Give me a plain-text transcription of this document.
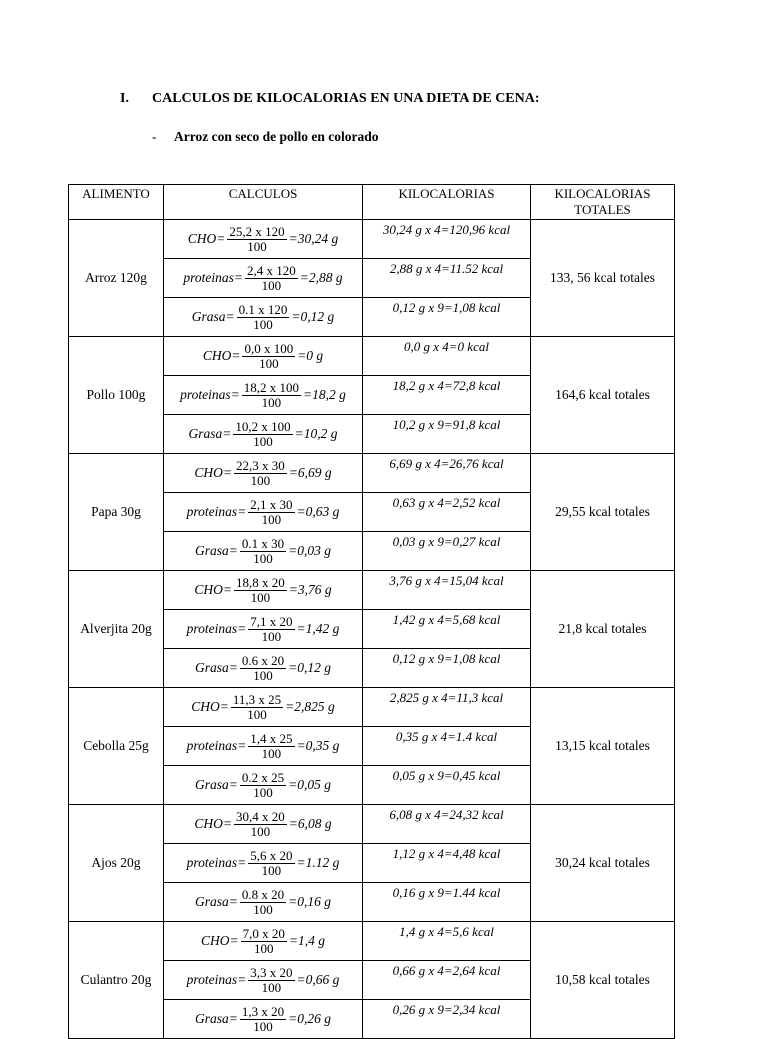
I. CALCULOS DE KILOCALORIAS EN UNA DIETA DE CENA:
- Arroz con seco de pollo en colorado
ALIMENTO	CALCULOS	KILOCALORIAS	KILOCALORIAS TOTALES
Arroz 120g	$CHO= \frac{25,2 x 120}{100} =30,24$ g	30,24 g x 4=120,96 kcal	133, 56 kcal totales

	proteinas= $\frac{2,4 x 120}{100} =2,88$ g	2,88 g x 4=11.52 kcal	

	Grasa= $\frac{0.1 x 120}{100} =0,12$ g	0,12 g x 9=1,08 kcal	
Pollo 100g	$CHO= \frac{0,0 x 100}{100} =0$ g	0,0 g x 4=0 kcal	164,6 kcal totales

	proteinas= $\frac{18,2 x 100}{100} =18,2$ g	18,2 g x 4=72,8 kcal	

	Grasa= $\frac{10,2 x 100}{100} =10,2$ g	10,2 g x 9=91,8 kcal	
Papa 30g	$CHO= \frac{22,3 x 30}{100} =6,69$ g	6,69 g x 4=26,76 kcal	29,55 kcal totales

	proteinas= $\frac{2,1 x 30}{100} =0,63$ g	0,63 g x 4=2,52 kcal	

	Grasa= $\frac{0.1 x 30}{100} =0,03$ g	0,03 g x 9=0,27 kcal	
Alverjita 20g	$CHO= \frac{18,8 x 20}{100} =3,76$ g	3,76 g x 4=15,04 kcal	21,8 kcal totales

	proteinas= $\frac{7,1 x 20}{100} =1,42$ g	1,42 g x 4=5,68 kcal	

	Grasa= $\frac{0.6 x 20}{100} =0,12$ g	0,12 g x 9=1,08 kcal	
Cebolla 25g	$CHO= \frac{11,3 x 25}{100} =2,825$ g	2,825 g x 4=11,3 kcal	13,15 kcal totales

	proteinas= $\frac{1,4 x 25}{100} =0,35$ g	0,35 g x 4=1.4 kcal	

	Grasa= $\frac{0.2 x 25}{100} =0,05$ g	0,05 g x 9=0,45 kcal	
Ajos 20g	$CHO= \frac{30,4 x 20}{100} =6,08$ g	6,08 g x 4=24,32 kcal	30,24 kcal totales

	proteinas= $\frac{5,6 x 20}{100} =1.12$ g	1,12 g x 4=4,48 kcal	

	Grasa= $\frac{0.8 x 20}{100} =0,16$ g	0,16 g x 9=1.44 kcal	
Culantro 20g	$CHO= \frac{7,0 x 20}{100} =1,4$ g	1,4 g x 4=5,6 kcal	10,58 kcal totales

	proteinas= $\frac{3,3 x 20}{100} =0,66$ g	0,66 g x 4=2,64 kcal	

	Grasa= $\frac{1,3 x 20}{100} =0,26$ g	0,26 g x 9=2,34 kcal	
